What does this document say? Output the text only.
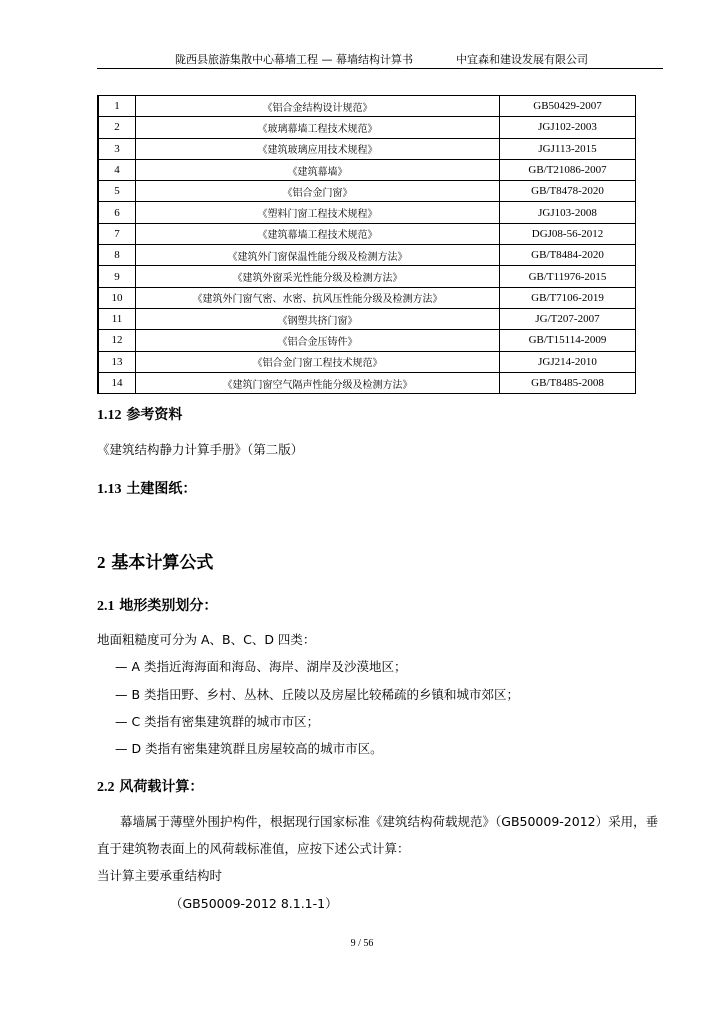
陇西县旅游集散中心幕墙工程 — 幕墙结构计算书	中宜森和建设发展有限公司
1	《铝合金结构设计规范》	GB50429-2007
2	《玻璃幕墙工程技术规范》	JGJ102-2003
3	《建筑玻璃应用技术规程》	JGJ113-2015
4	《建筑幕墙》	GB/T21086-2007
5	《铝合金门窗》	GB/T8478-2020
6	《塑料门窗工程技术规程》	JGJ103-2008
7	《建筑幕墙工程技术规范》	DGJ08-56-2012
8	《建筑外门窗保温性能分级及检测方法》	GB/T8484-2020
9	《建筑外窗采光性能分级及检测方法》	GB/T11976-2015
10	《建筑外门窗气密、水密、抗风压性能分级及检测方法》	GB/T7106-2019
11	《钢塑共挤门窗》	JG/T207-2007
12	《铝合金压铸件》	GB/T15114-2009
13	《铝合金门窗工程技术规范》	JGJ214-2010
14	《建筑门窗空气隔声性能分级及检测方法》	GB/T8485-2008
1.12 参考资料
《建筑结构静力计算手册》（第二版）
1.13 土建图纸：
2 基本计算公式
2.1 地形类别划分：
地面粗糙度可分为 A、B、C、D 四类：
— A 类指近海海面和海岛、海岸、湖岸及沙漠地区；
— B 类指田野、乡村、丛林、丘陵以及房屋比较稀疏的乡镇和城市郊区；
— C 类指有密集建筑群的城市市区；
— D 类指有密集建筑群且房屋较高的城市市区。
2.2 风荷载计算：
幕墙属于薄壁外围护构件，根据现行国家标准《建筑结构荷载规范》（GB50009-2012）采用，垂
直于建筑物表面上的风荷载标准值，应按下述公式计算：
当计算主要承重结构时
（GB50009-2012 8.1.1-1）
9 / 56
